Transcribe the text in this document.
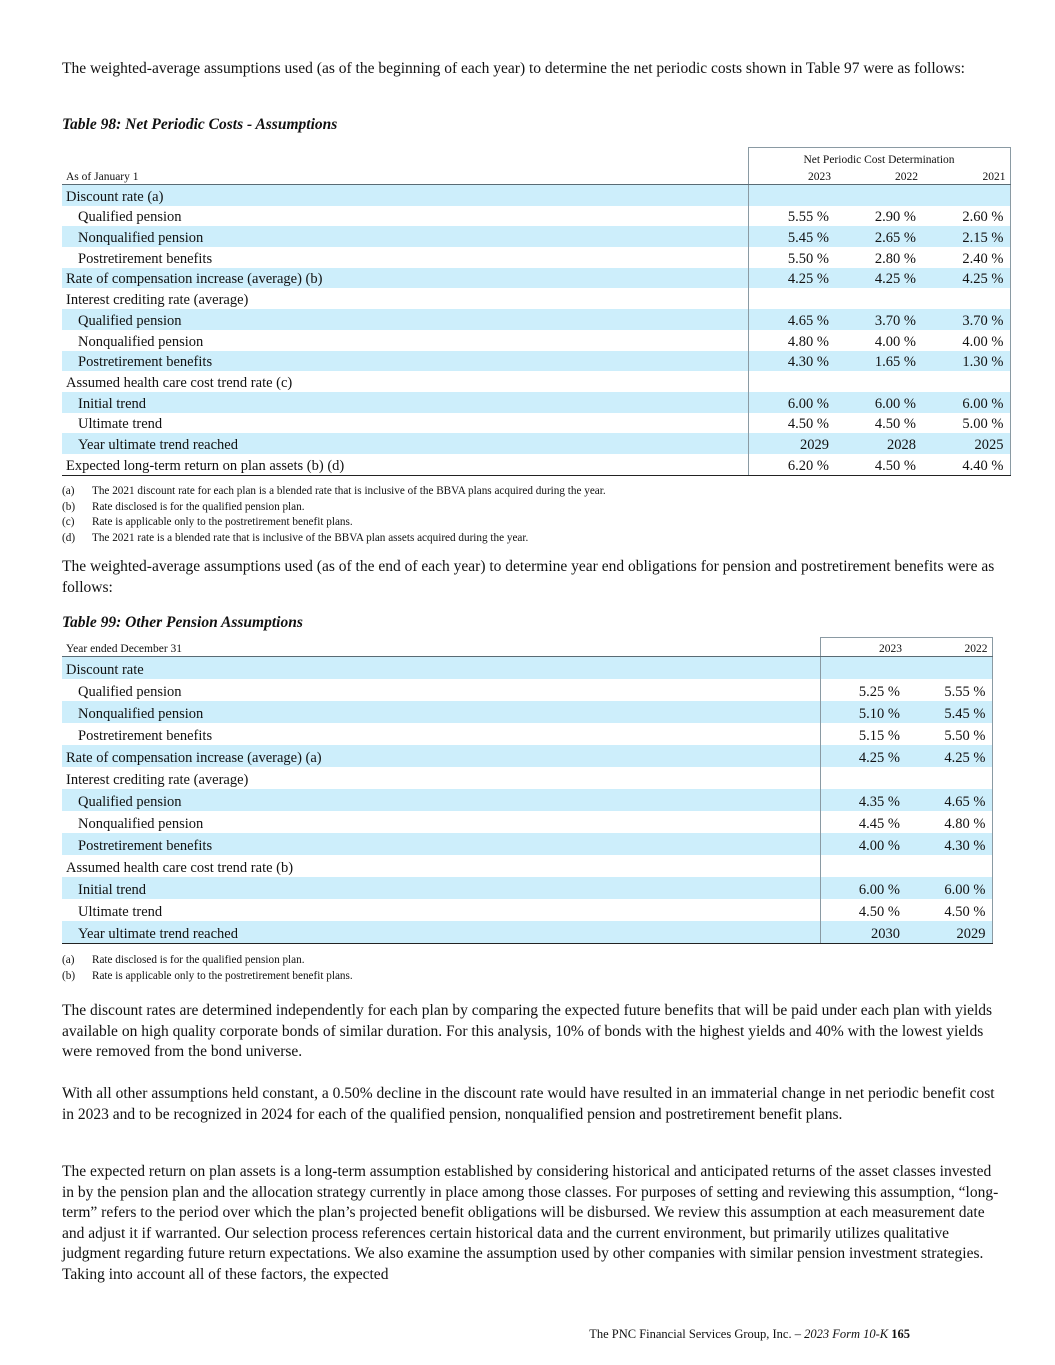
The weighted-average assumptions used (as of the beginning of each year) to determine the net periodic costs shown in Table 97 were as follows:

Table 98: Net Periodic Costs - Assumptions

	Net Periodic Cost Determination		
As of January 1	2023	2022	2021
Discount rate (a)			
Qualified pension	5.55 %	2.90 %	2.60 %
Nonqualified pension	5.45 %	2.65 %	2.15 %
Postretirement benefits	5.50 %	2.80 %	2.40 %
Rate of compensation increase (average) (b)	4.25 %	4.25 %	4.25 %
Interest crediting rate (average)			
Qualified pension	4.65 %	3.70 %	3.70 %
Nonqualified pension	4.80 %	4.00 %	4.00 %
Postretirement benefits	4.30 %	1.65 %	1.30 %
Assumed health care cost trend rate (c)			
Initial trend	6.00 %	6.00 %	6.00 %
Ultimate trend	4.50 %	4.50 %	5.00 %
Year ultimate trend reached	2029	2028	2025
Expected long-term return on plan assets (b) (d)	6.20 %	4.50 %	4.40 %
(a)	The 2021 discount rate for each plan is a blended rate that is inclusive of the BBVA plans acquired during the year.
(b)	Rate disclosed is for the qualified pension plan.
(c)	Rate is applicable only to the postretirement benefit plans.
(d)	The 2021 rate is a blended rate that is inclusive of the BBVA plan assets acquired during the year.

The weighted-average assumptions used (as of the end of each year) to determine year end obligations for pension and postretirement benefits were as follows:

Table 99: Other Pension Assumptions

Year ended December 31	2023	2022
Discount rate		
Qualified pension	5.25 %	5.55 %
Nonqualified pension	5.10 %	5.45 %
Postretirement benefits	5.15 %	5.50 %
Rate of compensation increase (average) (a)	4.25 %	4.25 %
Interest crediting rate (average)		
Qualified pension	4.35 %	4.65 %
Nonqualified pension	4.45 %	4.80 %
Postretirement benefits	4.00 %	4.30 %
Assumed health care cost trend rate (b)		
Initial trend	6.00 %	6.00 %
Ultimate trend	4.50 %	4.50 %
Year ultimate trend reached	2030	2029
(a)	Rate disclosed is for the qualified pension plan.
(b)	Rate is applicable only to the postretirement benefit plans.

The discount rates are determined independently for each plan by comparing the expected future benefits that will be paid under each plan with yields available on high quality corporate bonds of similar duration. For this analysis, 10% of bonds with the highest yields and 40% with the lowest yields were removed from the bond universe.

With all other assumptions held constant, a 0.50% decline in the discount rate would have resulted in an immaterial change in net periodic benefit cost in 2023 and to be recognized in 2024 for each of the qualified pension, nonqualified pension and postretirement benefit plans.

The expected return on plan assets is a long-term assumption established by considering historical and anticipated returns of the asset classes invested in by the pension plan and the allocation strategy currently in place among those classes. For purposes of setting and reviewing this assumption, “long-term” refers to the period over which the plan’s projected benefit obligations will be disbursed. We review this assumption at each measurement date and adjust it if warranted. Our selection process references certain historical data and the current environment, but primarily utilizes qualitative judgment regarding future return expectations. We also examine the assumption used by other companies with similar pension investment strategies. Taking into account all of these factors, the expected

The PNC Financial Services Group, Inc. – 2023 Form 10-K 165
